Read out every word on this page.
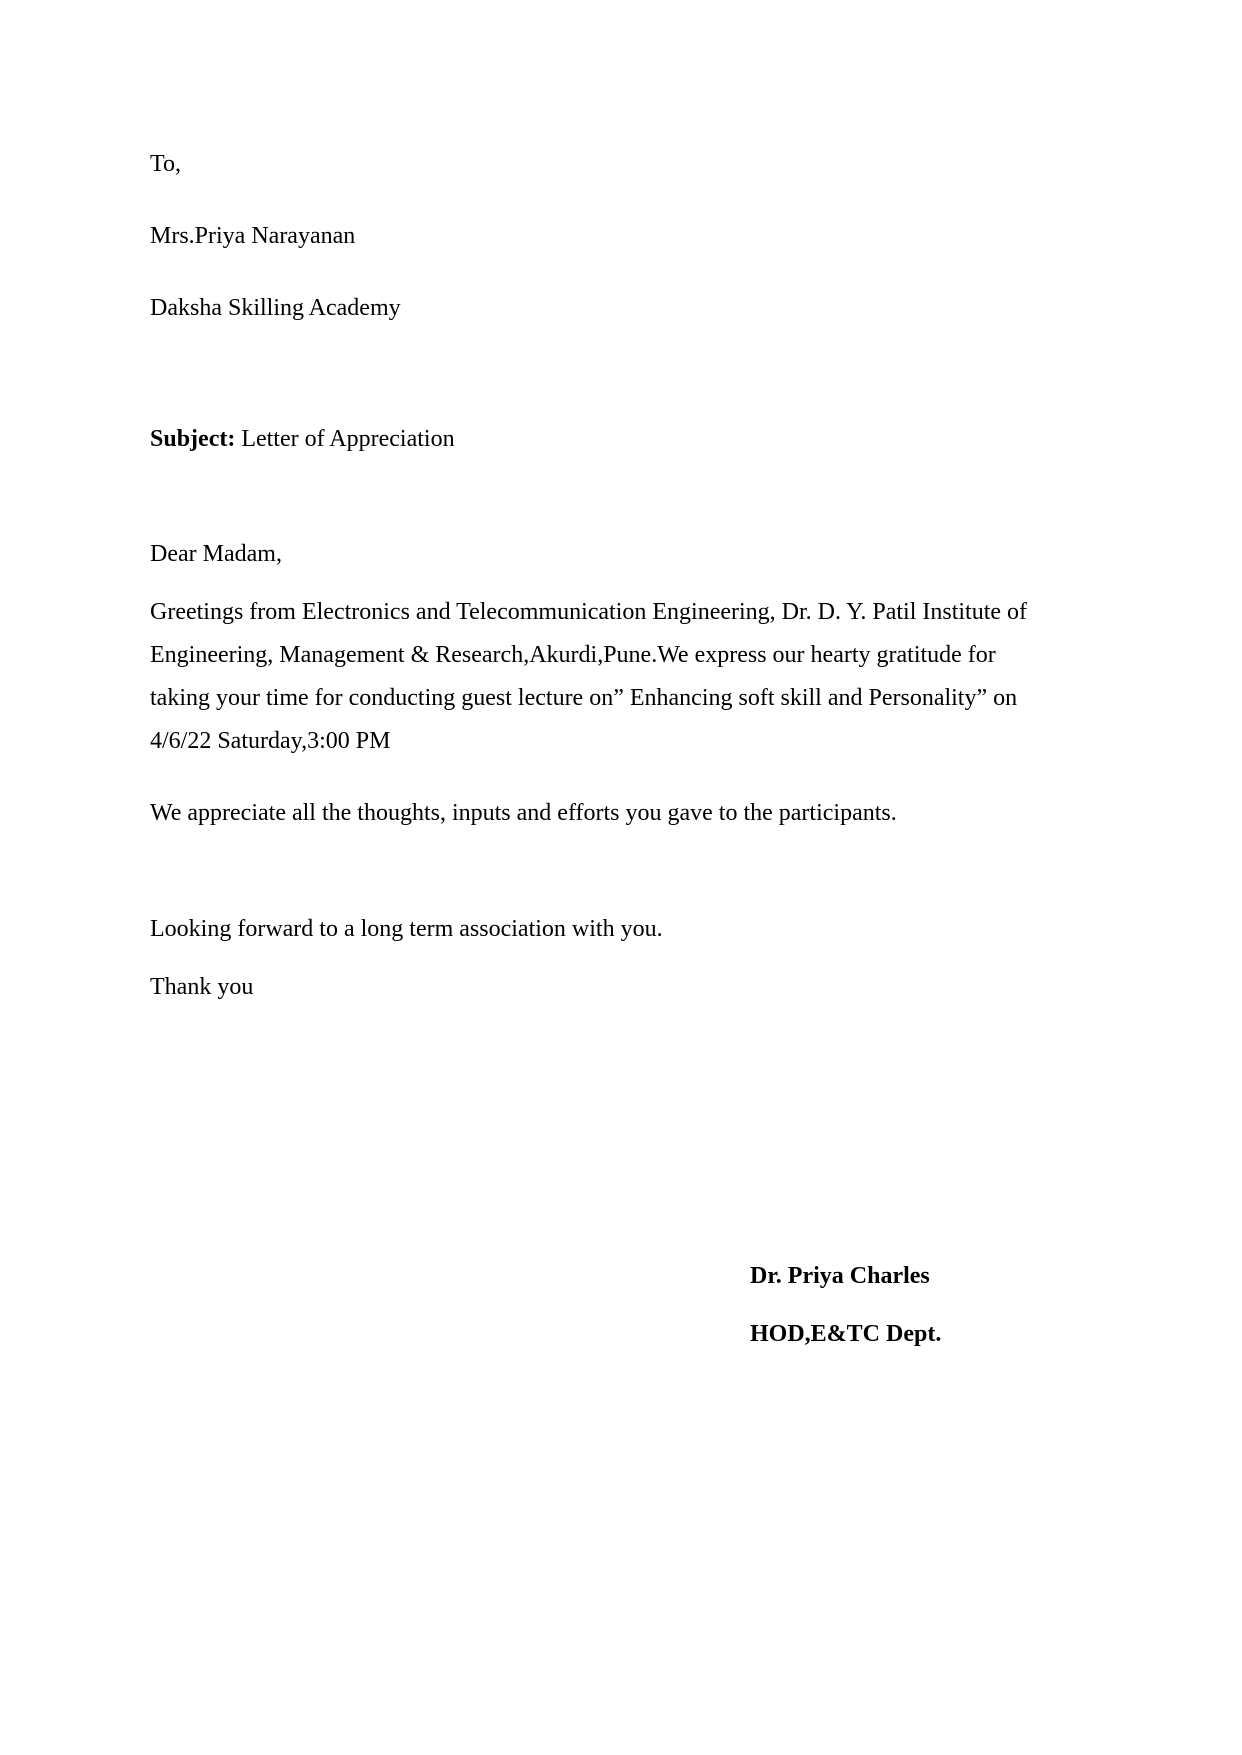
To,
Mrs.Priya Narayanan
Daksha Skilling Academy
Subject: Letter of Appreciation
Dear Madam,
Greetings from Electronics and Telecommunication Engineering, Dr. D. Y. Patil Institute of
Engineering, Management & Research,Akurdi,Pune.We express our hearty gratitude for
taking your time for conducting guest lecture on” Enhancing soft skill and Personality” on
4/6/22 Saturday,3:00 PM
We appreciate all the thoughts, inputs and efforts you gave to the participants.
Looking forward to a long term association with you.
Thank you
Dr. Priya Charles
HOD,E&TC Dept.
